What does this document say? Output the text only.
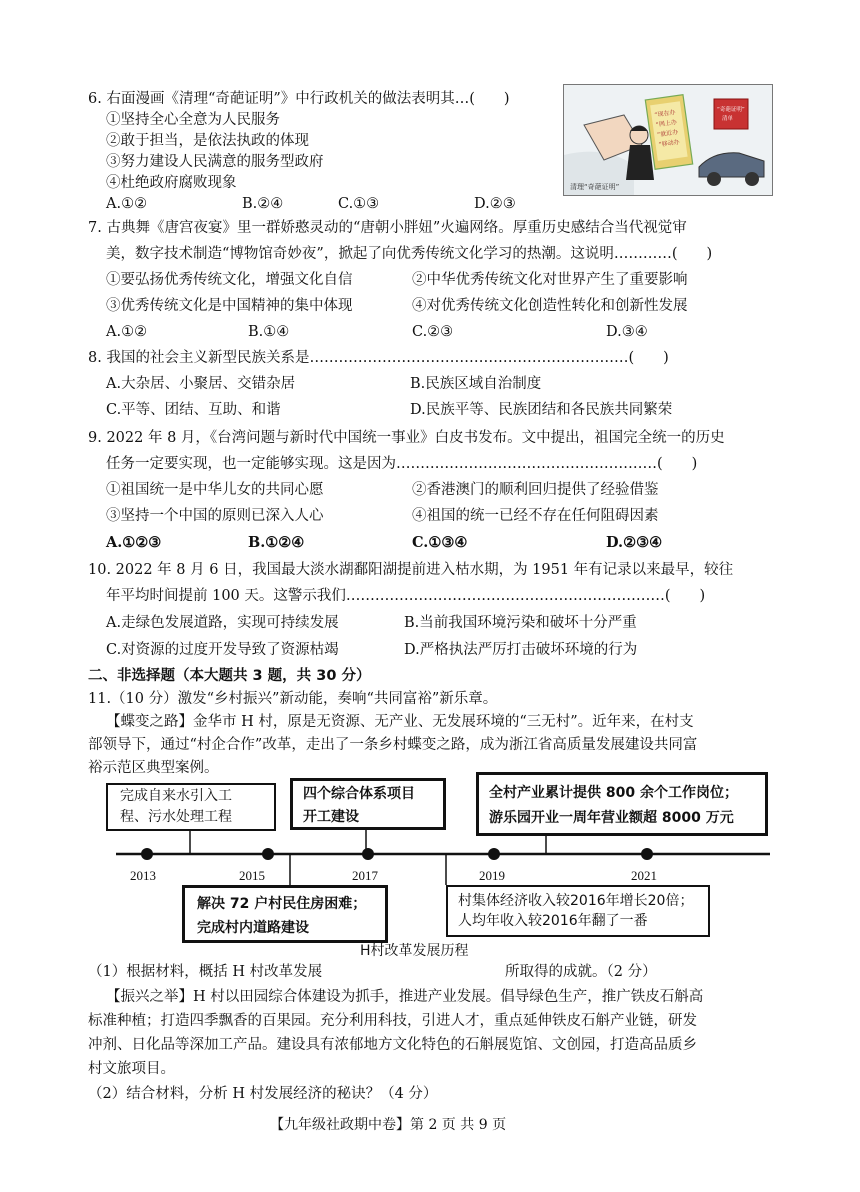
6. 右面漫画《清理“奇葩证明”》中行政机关的做法表明其…(　　)
①坚持全心全意为人民服务
②敢于担当，是依法执政的体现
③努力建设人民满意的服务型政府
④杜绝政府腐败现象
A.①②	B.②④	C.①③	D.②③
“现在办
“网上办
“就近办
“移动办
“奇葩证明”
清单
清理“奇葩证明”
7. 古典舞《唐宫夜宴》里一群娇憨灵动的“唐朝小胖妞”火遍网络。厚重历史感结合当代视觉审
美，数字技术制造“博物馆奇妙夜”，掀起了向优秀传统文化学习的热潮。这说明…………(　　)
①要弘扬优秀传统文化，增强文化自信	②中华优秀传统文化对世界产生了重要影响
③优秀传统文化是中国精神的集中体现	④对优秀传统文化创造性转化和创新性发展
A.①②	B.①④	C.②③	D.③④
8. 我国的社会主义新型民族关系是…………………………………………………………(　　)
A.大杂居、小聚居、交错杂居	B.民族区域自治制度
C.平等、团结、互助、和谐	D.民族平等、民族团结和各民族共同繁荣
9. 2022 年 8 月，《台湾问题与新时代中国统一事业》白皮书发布。文中提出，祖国完全统一的历史
任务一定要实现，也一定能够实现。这是因为………………………………………………(　　)
①祖国统一是中华儿女的共同心愿	②香港澳门的顺利回归提供了经验借鉴
③坚持一个中国的原则已深入人心	④祖国的统一已经不存在任何阻碍因素
A.①②③	B.①②④	C.①③④	D.②③④
10. 2022 年 8 月 6 日，我国最大淡水湖鄱阳湖提前进入枯水期，为 1951 年有记录以来最早，较往
年平均时间提前 100 天。这警示我们…………………………………………………………(　　)
A.走绿色发展道路，实现可持续发展	B.当前我国环境污染和破坏十分严重
C.对资源的过度开发导致了资源枯竭	D.严格执法严厉打击破坏环境的行为
二、非选择题（本大题共 3 题，共 30 分）
11.（10 分）激发“乡村振兴”新动能，奏响“共同富裕”新乐章。
【蝶变之路】金华市 H 村，原是无资源、无产业、无发展环境的“三无村”。近年来，在村支
部领导下，通过“村企合作”改革，走出了一条乡村蝶变之路，成为浙江省高质量发展建设共同富
裕示范区典型案例。
2013	2015	2017	2019	2021
完成自来水引入工
程、污水处理工程
四个综合体系项目
开工建设
全村产业累计提供 800 余个工作岗位；
游乐园开业一周年营业额超 8000 万元
解决 72 户村民住房困难；
完成村内道路建设
村集体经济收入较2016年增长20倍；
人均年收入较2016年翻了一番
H村改革发展历程
（1）根据材料，概括 H 村改革发展	所取得的成就。（2 分）
【振兴之举】H 村以田园综合体建设为抓手，推进产业发展。倡导绿色生产，推广铁皮石斛高
标准种植；打造四季飘香的百果园。充分利用科技，引进人才，重点延伸铁皮石斛产业链，研发
冲剂、日化品等深加工产品。建设具有浓郁地方文化特色的石斛展览馆、文创园，打造高品质乡
村文旅项目。
（2）结合材料，分析 H 村发展经济的秘诀？（4 分）
【九年级社政期中卷】第 2 页 共 9 页
